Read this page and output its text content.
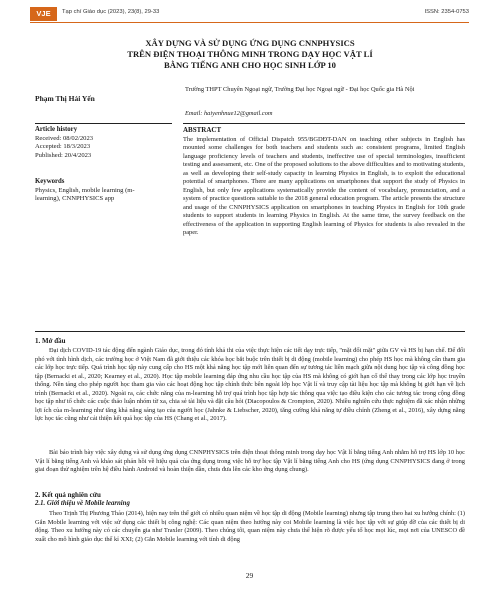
VJE	Tạp chí Giáo dục (2023), 23(8), 29-33	ISSN: 2354-0753
XÂY DỰNG VÀ SỬ DỤNG ỨNG DỤNG CNNPHYSICS
TRÊN ĐIỆN THOẠI THÔNG MINH TRONG DẠY HỌC VẬT LÍ
BẰNG TIẾNG ANH CHO HỌC SINH LỚP 10
Phạm Thị Hải Yến
Trường THPT Chuyên Ngoại ngữ, Trường Đại học Ngoại ngữ - Đại học Quốc gia Hà Nội
Email: haiyenhnue12@gmail.com
Article history
Received: 08/02/2023
Accepted: 18/3/2023
Published: 20/4/2023
Keywords
Physics, English, mobile learning (m-learning), CNNPHYSICS app
ABSTRACT
The implementation of Official Dispatch 955/BGDĐT-DAN on teaching other subjects in English has mounted some challenges for both teachers and students such as: consistent programs, limited English language proficiency levels of teachers and students, ineffective use of special terminologies, insufficient testing and assessment, etc. One of the proposed solutions to the above difficulties and to motivating students, as well as developing their self-study capacity in learning Physics in English, is to exploit the educational potential of smartphones. There are many applications on smartphones that support the study of Physics in English, but only few applications systematically provide the content of vocabulary, pronunciation, and a system of practice questions suitable to the 2018 general education program. The article presents the structure and usage of the CNNPHYSICS application on smartphones in teaching Physics in English for 10th grade students to support students in learning Physics in English. At the same time, the survey feedback on the effectiveness of the application in supporting English learning of Physics for students is also revealed in the paper.
1. Mở đầu
Đại dịch COVID-19 tác động đến ngành Giáo dục, trong đó tính khả thi của việc thực hiện các tiết dạy trực tiếp, "mặt đối mặt" giữa GV và HS bị hạn chế. Để đối phó với tình hình dịch, các trường học ở Việt Nam đã giới thiệu các khóa học bắt buộc trên thiết bị di động (mobile learning) cho phép HS học mà không cần tham gia các lớp học trực tiếp. Quá trình học tập này cung cấp cho HS một khả năng học tập mới liên quan đến sự tương tác liền mạch giữa nội dung học tập và công đồng học tập (Bernacki et al., 2020; Kearney et al., 2020). Học tập mobile learning đáp ứng nhu cầu học tập của HS mà không có giới hạn cố thể thay trong các lớp học truyền thống. Nền tảng cho phép người học tham gia vào các hoạt động học tập chính thức bên ngoài lớp học Vật lí và truy cập tài liệu học tập mà không bị giới hạn về lịch trình (Bernacki et al., 2020). Ngoài ra, các chức năng của m-learning hỗ trợ quá trình học tập hợp tác thông qua việc tạo điều kiện cho các tương tác trong cộng đồng học tập như tổ chức các cuộc thảo luận nhóm từ xa, chia sẻ tài liệu và đặt câu hỏi (Diacopoulos & Crompton, 2020). Nhiều nghiên cứu thực nghiệm đã xác nhận những lợi ích của m-learning như tăng khả năng sáng tạo của người học (Jahnke & Liebscher, 2020), tăng cường khả năng tự điều chỉnh (Zheng et al., 2016), xây dựng năng lực học tác cũng như cải thiện kết quả học tập của HS (Chang et al., 2017).
Bài báo trình bày việc xây dựng và sử dụng ứng dụng CNNPHYSICS trên điện thoại thông minh trong dạy học Vật lí bằng tiếng Anh nhằm hỗ trợ HS lớp 10 học Vật lí bằng tiếng Anh và khảo sát phản hồi về hiệu quả của ứng dụng trong việc hỗ trợ học tập Vật lí bằng tiếng Anh cho HS (ứng dụng CNNPHYSICS đang ở trong giai đoạn thử nghiệm trên hệ điều hành Android và hoàn thiện dần, chưa đưa lên các kho ứng dụng chung).
2. Kết quả nghiên cứu
2.1. Giới thiệu về Mobile learning
Theo Trịnh Thị Phương Thảo (2014), hiện nay trên thế giới có nhiều quan niệm về học tập di động (Mobile learning) nhưng tập trung theo hai xu hướng chính: (1) Gắn Mobile learning với việc sử dụng các thiết bị công nghệ: Các quan niệm theo hướng này coi Mobile learning là việc học tập với sự giúp đỡ của các thiết bị di động. Theo xu hướng này có các chuyên gia như Traxler (2009). Theo chúng tôi, quan niệm này chưa thể hiện rõ được yếu tố học mọi lúc, mọi nơi của UNESCO đề xuất cho mô hình giáo dục thế kỉ XXI; (2) Gắn Mobile learning với tính di động
29
